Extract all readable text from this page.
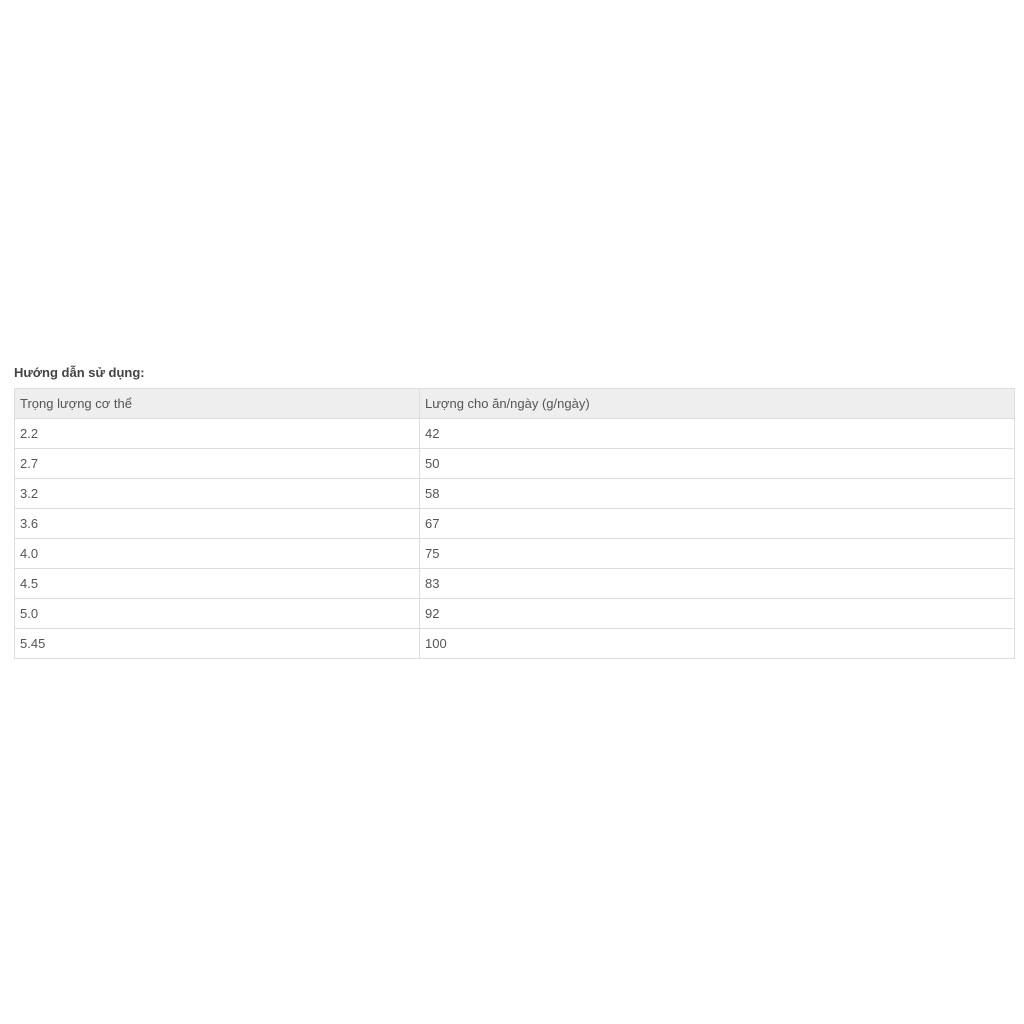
Hướng dẫn sử dụng:
Trọng lượng cơ thể	Lượng cho ăn/ngày (g/ngày)
2.2	42
2.7	50
3.2	58
3.6	67
4.0	75
4.5	83
5.0	92
5.45	100
